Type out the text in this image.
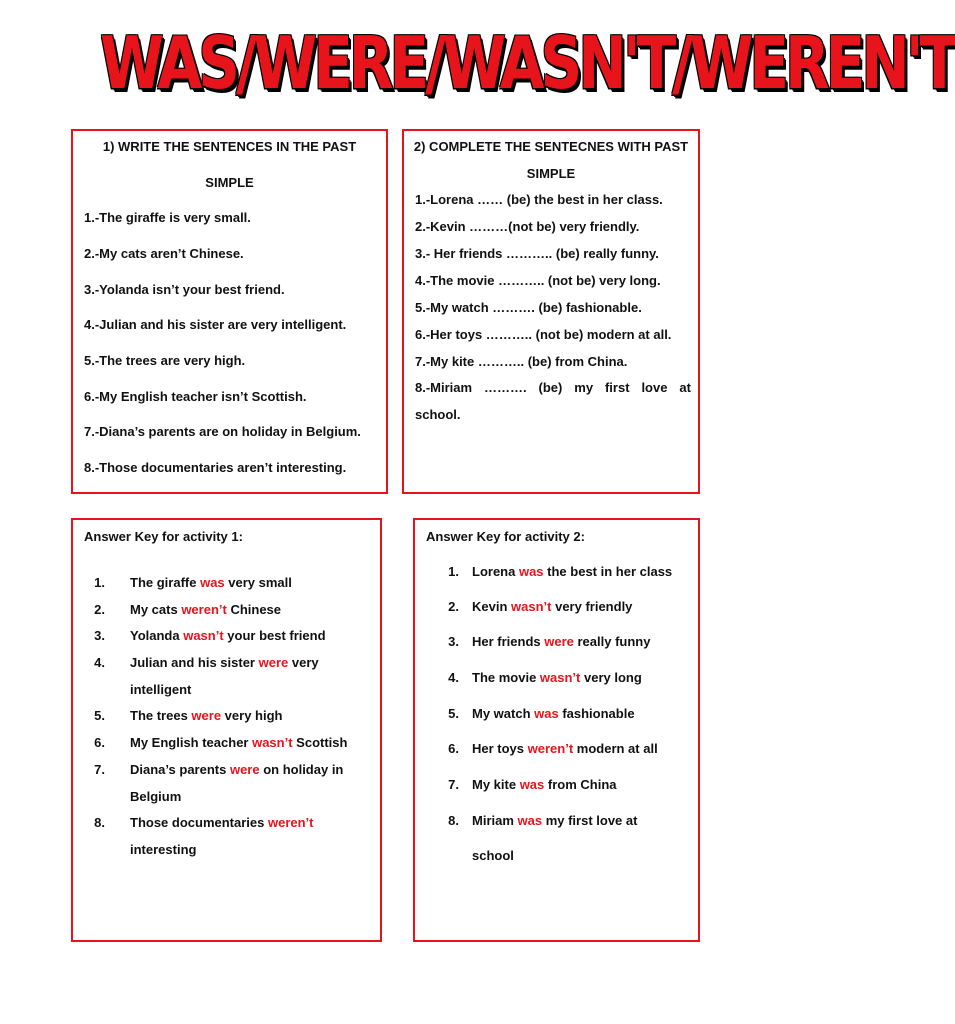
WAS/WERE/WASN'T/WEREN'T
1) WRITE THE SENTENCES IN THE PAST
SIMPLE
1.-The giraffe is very small.
2.-My cats aren’t Chinese.
3.-Yolanda isn’t your best friend.
4.-Julian and his sister are very intelligent.
5.-The trees are very high.
6.-My English teacher isn’t Scottish.
7.-Diana’s parents are on holiday in Belgium.
8.-Those documentaries aren’t interesting.
2) COMPLETE THE SENTECNES WITH PAST
SIMPLE
1.-Lorena …… (be) the best in her class.
2.-Kevin ………(not be) very friendly.
3.- Her friends ……….. (be) really funny.
4.-The movie ……….. (not be) very long.
5.-My watch ………. (be) fashionable.
6.-Her toys ……….. (not be) modern at all.
7.-My kite ……….. (be) from China.
8.-Miriam ………. (be) my first love at
school.
Answer Key for activity 1:
1. The giraffe was very small
2. My cats weren’t Chinese
3. Yolanda wasn’t your best friend
4. Julian and his sister were very
intelligent
5. The trees were very high
6. My English teacher wasn’t Scottish
7. Diana’s parents were on holiday in
Belgium
8. Those documentaries weren’t
interesting
Answer Key for activity 2:
1. Lorena was the best in her class
2. Kevin wasn’t very friendly
3. Her friends were really funny
4. The movie wasn’t very long
5. My watch was fashionable
6. Her toys weren’t modern at all
7. My kite was from China
8. Miriam was my first love at
school
